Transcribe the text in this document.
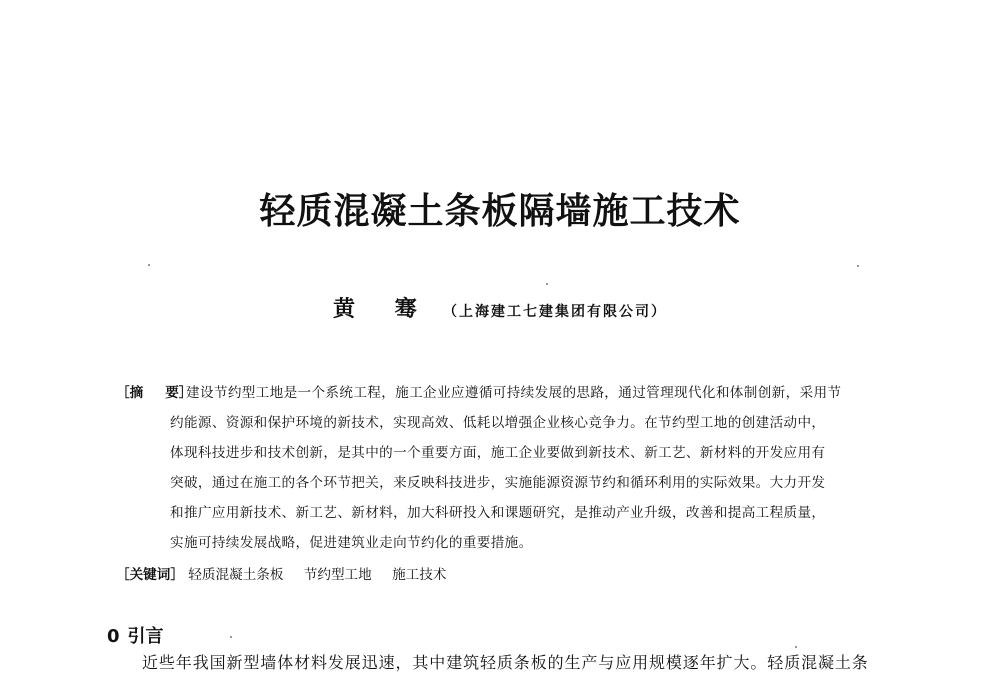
轻质混凝土条板隔墙施工技术
黄 骞 （上海建工七建集团有限公司）
［摘 要］
建设节约型工地是一个系统工程，施工企业应遵循可持续发展的思路，通过管理现代化和体制创新，采用节
约能源、资源和保护环境的新技术，实现高效、低耗以增强企业核心竞争力。在节约型工地的创建活动中，
体现科技进步和技术创新，是其中的一个重要方面，施工企业要做到新技术、新工艺、新材料的开发应用有
突破，通过在施工的各个环节把关，来反映科技进步，实施能源资源节约和循环利用的实际效果。大力开发
和推广应用新技术、新工艺、新材料，加大科研投入和课题研究，是推动产业升级，改善和提高工程质量，
实施可持续发展战略，促进建筑业走向节约化的重要措施。
［关键词］ 轻质混凝土条板 节约型工地 施工技术
0 引言
近些年我国新型墙体材料发展迅速，其中建筑轻质条板的生产与应用规模逐年扩大。轻质混凝土条
